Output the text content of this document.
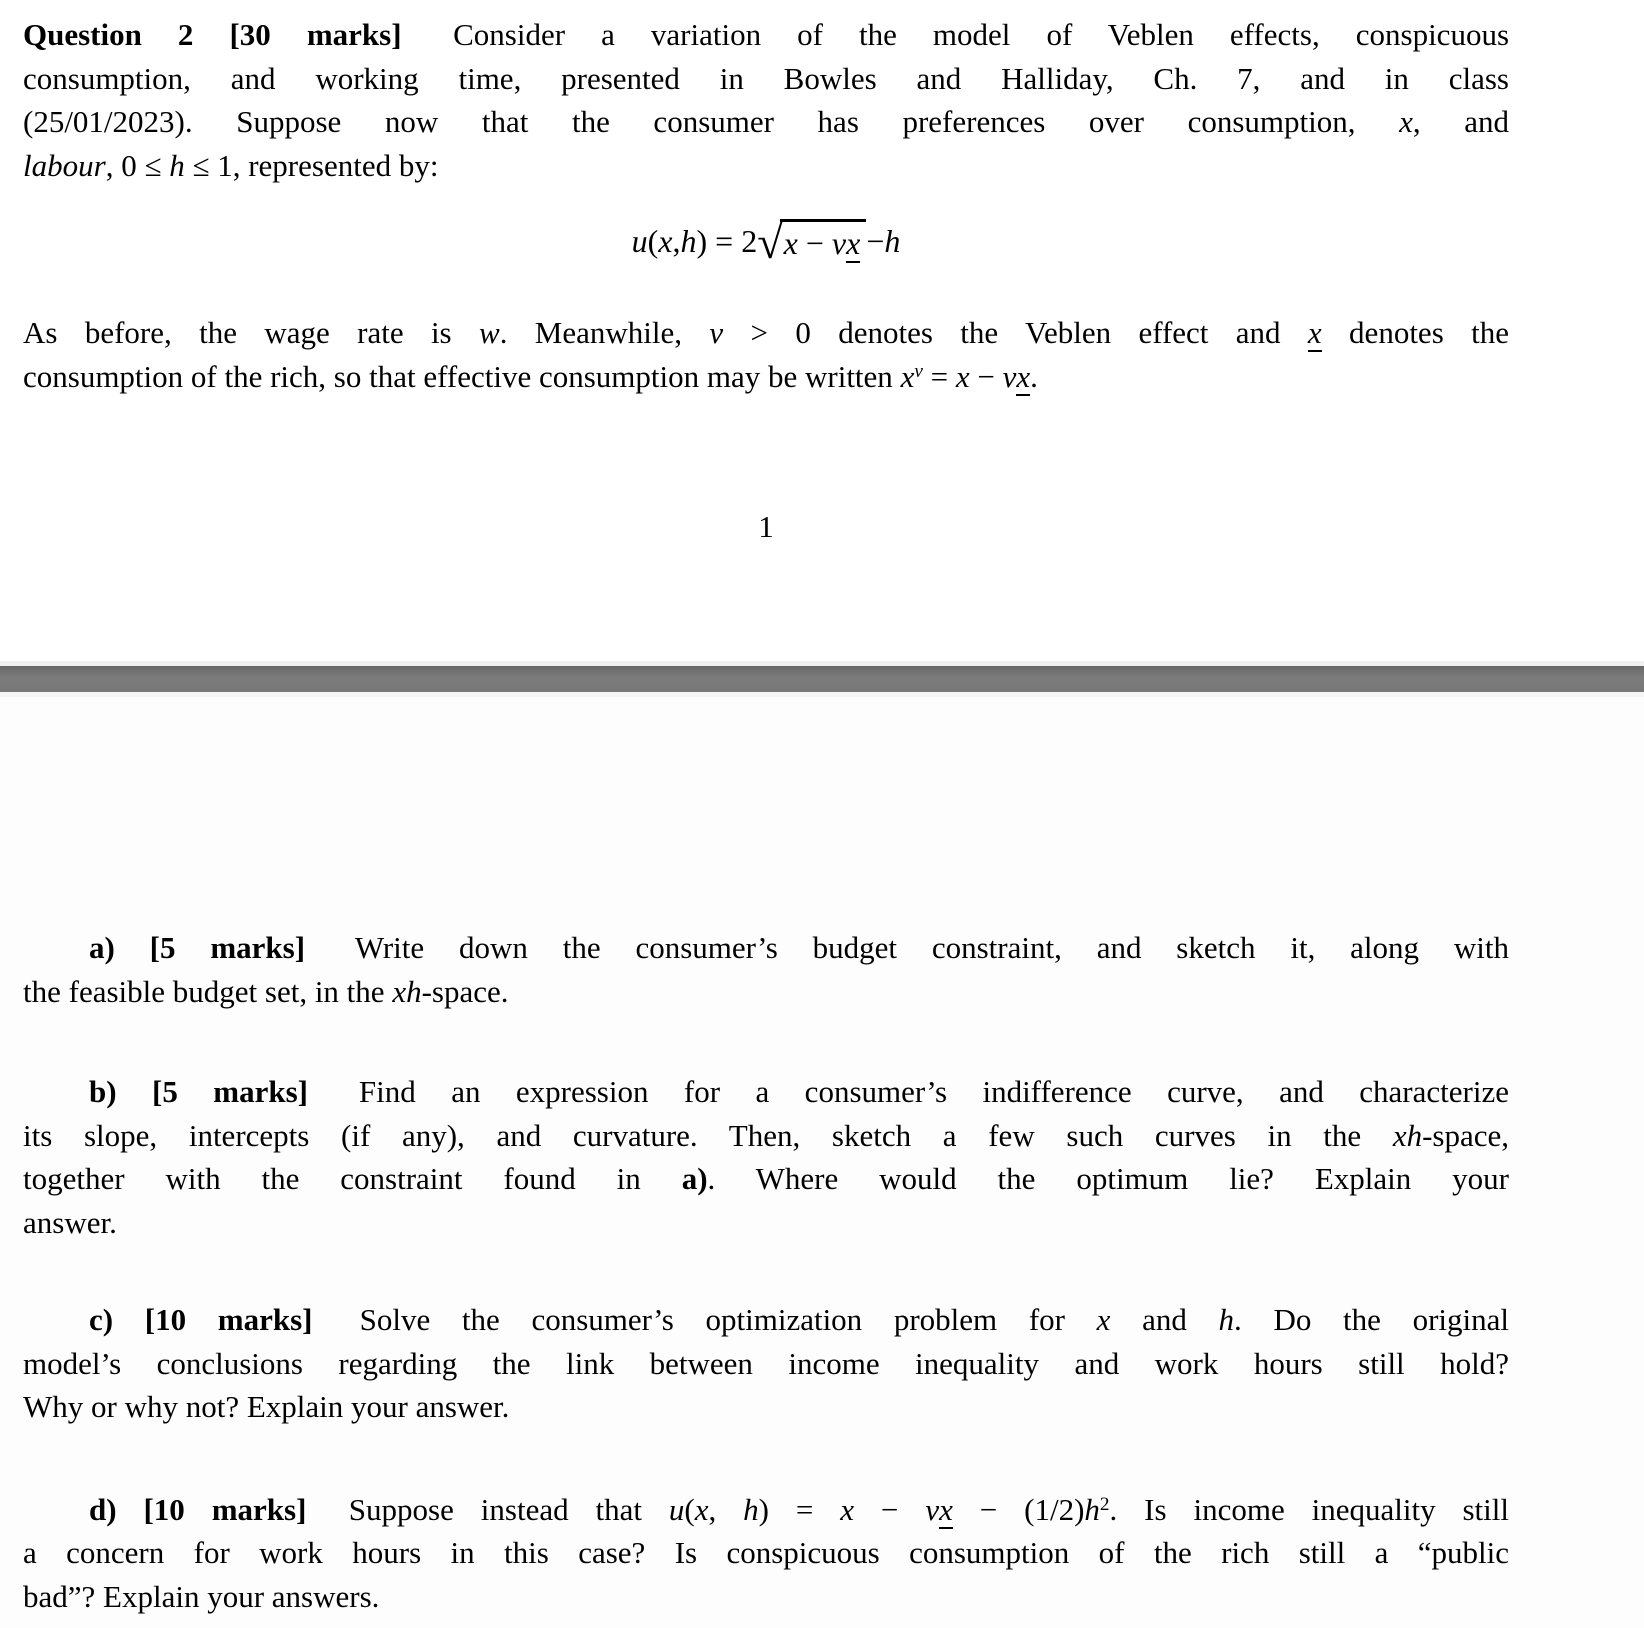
Question 2 [30 marks]  Consider a variation of the model of Veblen effects, conspicuous
consumption, and working time, presented in Bowles and Halliday, Ch. 7, and in class
(25/01/2023). Suppose now that the consumer has preferences over consumption, x, and
labour, 0 ≤ h ≤ 1, represented by:
u ( x , h ) = 2 √x − vx − h
As before, the wage rate is w. Meanwhile, v > 0 denotes the Veblen effect and x denotes the
consumption of the rich, so that effective consumption may be written $x^v = x$ − vx.
1
a) [5 marks]  Write down the consumer’s budget constraint, and sketch it, along with
the feasible budget set, in the xh-space.
b) [5 marks]  Find an expression for a consumer’s indifference curve, and characterize
its slope, intercepts (if any), and curvature. Then, sketch a few such curves in the xh-space,
together with the constraint found in a). Where would the optimum lie? Explain your
answer.
c) [10 marks]  Solve the consumer’s optimization problem for x and h. Do the original
model’s conclusions regarding the link between income inequality and work hours still hold?
Why or why not? Explain your answer.
d) [10 marks]  Suppose instead that u(x, h) = x − vx − $(1/2)h^2$. Is income inequality still
a concern for work hours in this case? Is conspicuous consumption of the rich still a “public
bad”? Explain your answers.
